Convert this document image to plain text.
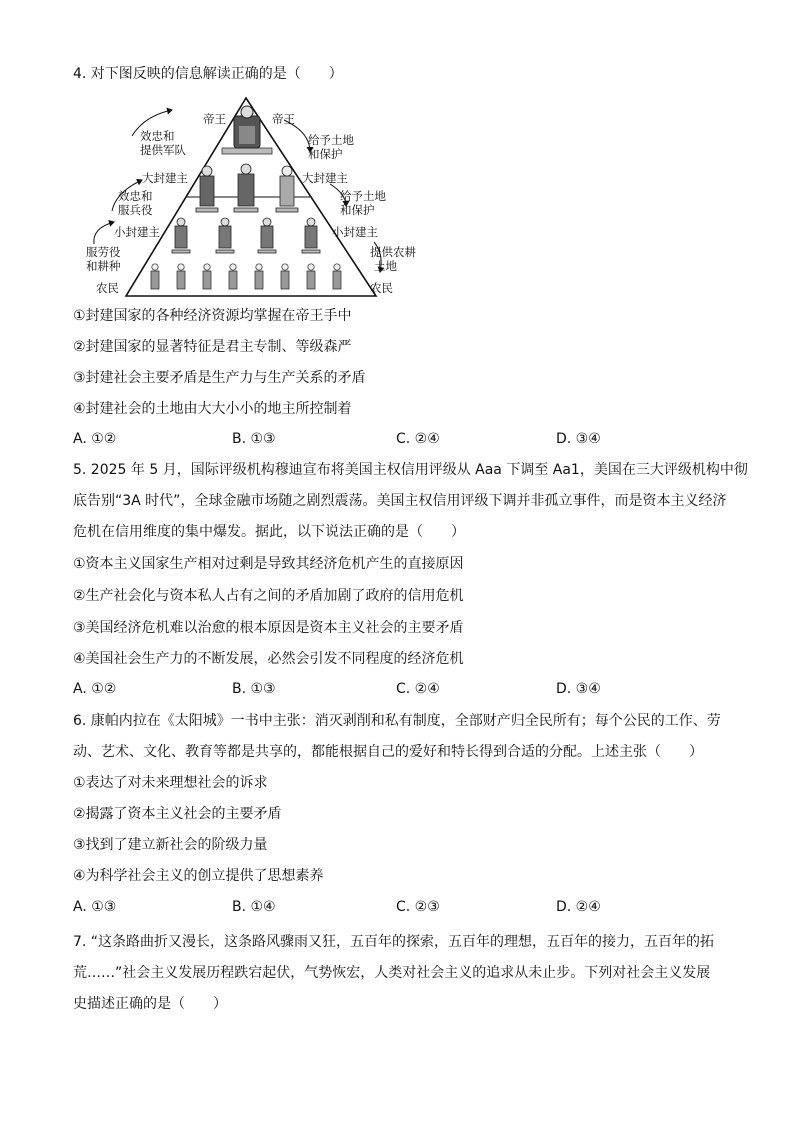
4. 对下图反映的信息解读正确的是（　　）
帝王
效忠和
提供军队
大封建主
效忠和
服兵役
小封建主
服劳役
和耕种
农民
帝王
给予土地
和保护
大封建主
给予土地
和保护
小封建主
提供农耕
土地
农民
①封建国家的各种经济资源均掌握在帝王手中
②封建国家的显著特征是君主专制、等级森严
③封建社会主要矛盾是生产力与生产关系的矛盾
④封建社会的土地由大大小小的地主所控制着
A. ①②	B. ①③	C. ②④	D. ③④
5. 2025 年 5 月，国际评级机构穆迪宣布将美国主权信用评级从 Aaa 下调至 Aa1，美国在三大评级机构中彻
底告别“3A 时代”，全球金融市场随之剧烈震荡。美国主权信用评级下调并非孤立事件，而是资本主义经济
危机在信用维度的集中爆发。据此，以下说法正确的是（　　）
①资本主义国家生产相对过剩是导致其经济危机产生的直接原因
②生产社会化与资本私人占有之间的矛盾加剧了政府的信用危机
③美国经济危机难以治愈的根本原因是资本主义社会的主要矛盾
④美国社会生产力的不断发展，必然会引发不同程度的经济危机
A. ①②	B. ①③	C. ②④	D. ③④
6. 康帕内拉在《太阳城》一书中主张：消灭剥削和私有制度，全部财产归全民所有；每个公民的工作、劳
动、艺术、文化、教育等都是共享的，都能根据自己的爱好和特长得到合适的分配。上述主张（　　）
①表达了对未来理想社会的诉求
②揭露了资本主义社会的主要矛盾
③找到了建立新社会的阶级力量
④为科学社会主义的创立提供了思想素养
A. ①③	B. ①④	C. ②③	D. ②④
7. “这条路曲折又漫长，这条路风骤雨又狂，五百年的探索，五百年的理想，五百年的接力，五百年的拓
荒……”社会主义发展历程跌宕起伏，气势恢宏，人类对社会主义的追求从未止步。下列对社会主义发展
史描述正确的是（　　）
